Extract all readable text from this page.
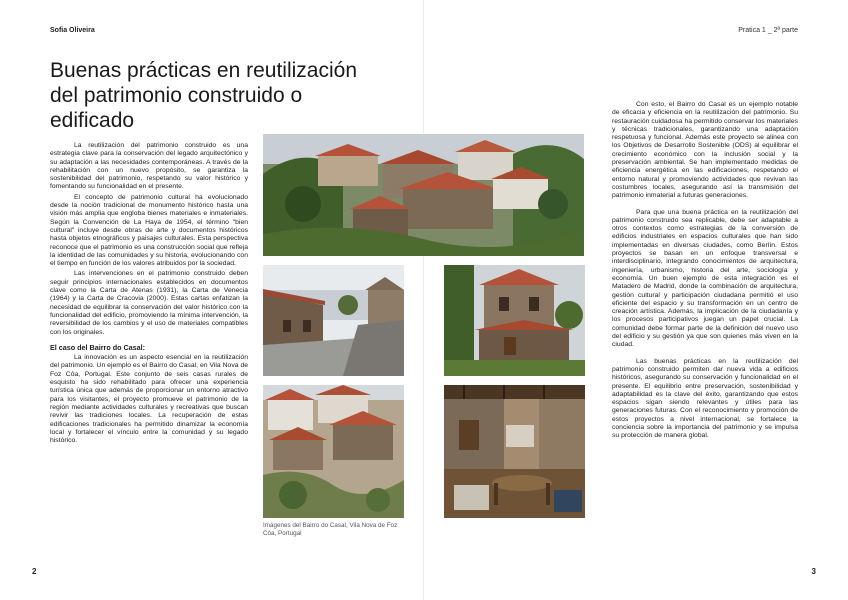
Sofia Oliveira
Buenas prácticas en reutilización del patrimonio construido o edificado

La reutilización del patrimonio construido es una estrategia clave para la conservación del legado arquitectónico y su adaptación a las necesidades contemporáneas. A través de la rehabilitación con un nuevo propósito, se garantiza la sostenibilidad del patrimonio, respetando su valor histórico y fomentando su funcionalidad en el presente.

El concepto de patrimonio cultural ha evolucionado desde la noción tradicional de monumento histórico hasta una visión más amplia que engloba bienes materiales e inmateriales. Según la Convención de La Haya de 1954, el término "bien cultural" incluye desde obras de arte y documentos históricos hasta objetos etnográficos y paisajes culturales. Esta perspectiva reconoce que el patrimonio es una construcción social que refleja la identidad de las comunidades y su historia, evolucionando con el tiempo en función de los valores atribuidos por la sociedad.

Las intervenciones en el patrimonio construido deben seguir principios internacionales establecidos en documentos clave como la Carta de Atenas (1931), la Carta de Venecia (1964) y la Carta de Cracovia (2000). Estas cartas enfatizan la necesidad de equilibrar la conservación del valor histórico con la funcionalidad del edificio, promoviendo la mínima intervención, la reversibilidad de los cambios y el uso de materiales compatibles con los originales.

El caso del Bairro do Casal:

La innovación es un aspecto esencial en la reutilización del patrimonio. Un ejemplo es el Bairro do Casal, en Vila Nova de Foz Côa, Portugal. Este conjunto de seis casas rurales de esquisto ha sido rehabilitado para ofrecer una experiencia turística única que además de proporcionar un entorno atractivo para los visitantes, el proyecto promueve el patrimonio de la región mediante actividades culturales y recreativas que buscan revivir las tradiciones locales. La recuperación de estas edificaciones tradicionales ha permitido dinamizar la economía local y fortalecer el vínculo entre la comunidad y su legado histórico.

2
Pratica 1 _ 2ª parte
3
Imágenes del Bairro do Casal, Vila Nova de Foz Côa, Portugal

Con esto, el Bairro do Casal es un ejemplo notable de eficacia y eficiencia en la reutilización del patrimonio. Su restauración cuidadosa ha permitido conservar los materiales y técnicas tradicionales, garantizando una adaptación respetuosa y funcional. Además este proyecto se alinea con los Objetivos de Desarrollo Sostenible (ODS) al equilibrar el crecimiento económico con la inclusión social y la preservación ambiental. Se han implementado medidas de eficiencia energética en las edificaciones, respetando el entorno natural y promoviendo actividades que revivan las costumbres locales, asegurando así la transmisión del patrimonio inmaterial a futuras generaciones.

Para que una buena práctica en la reutilización del patrimonio construido sea replicable, debe ser adaptable a otros contextos como estrategias de la conversión de edificios industriales en espacios culturales que han sido implementadas en diversas ciudades, como Berlín. Estos proyectos se basan en un enfoque transversal e interdisciplinario, integrando conocimientos de arquitectura, ingeniería, urbanismo, historia del arte, sociología y economía. Un buen ejemplo de esta integración es el Matadero de Madrid, donde la combinación de arquitectura, gestión cultural y participación ciudadana permitió el uso eficiente del espacio y su transformación en un centro de creación artística. Además, la implicación de la ciudadanía y los procesos participativos juegan un papel crucial. La comunidad debe formar parte de la definición del nuevo uso del edificio y su gestión ya que son quienes más viven en la ciudad.

Las buenas prácticas en la reutilización del patrimonio construido permiten dar nueva vida a edificios históricos, asegurando su conservación y funcionalidad en el presente. El equilibrio entre preservación, sostenibilidad y adaptabilidad es la clave del éxito, garantizando que estos espacios sigan siendo relevantes y útiles para las generaciones futuras. Con el reconocimiento y promoción de estos proyectos a nivel internacional, se fortalece la conciencia sobre la importancia del patrimonio y se impulsa su protección de manera global.
